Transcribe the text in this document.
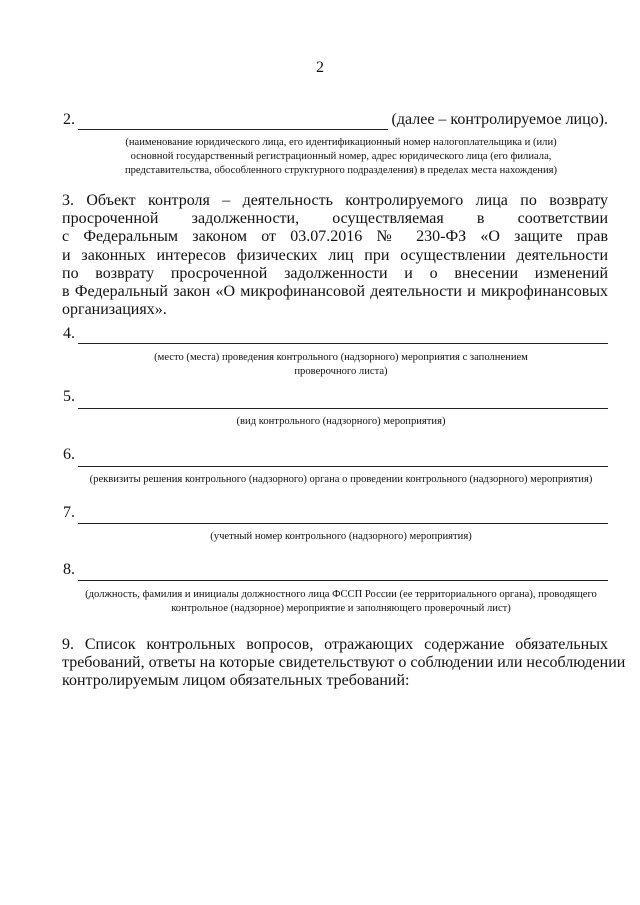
2
2.	(далее – контролируемое лицо).
(наименование юридического лица, его идентификационный номер налогоплательщика и (или)
основной государственный регистрационный номер, адрес юридического лица (его филиала,
представительства, обособленного структурного подразделения) в пределах места нахождения)
3. Объект контроля – деятельность контролируемого лица по возврату
просроченной задолженности, осуществляемая в соответствии
с Федеральным законом от 03.07.2016 № 230-ФЗ «О защите прав
и законных интересов физических лиц при осуществлении деятельности
по возврату просроченной задолженности и о внесении изменений
в Федеральный закон «О микрофинансовой деятельности и микрофинансовых
организациях».
4.
(место (места) проведения контрольного (надзорного) мероприятия с заполнением
проверочного листа)
5.
(вид контрольного (надзорного) мероприятия)
6.
(реквизиты решения контрольного (надзорного) органа о проведении контрольного (надзорного) мероприятия)
7.
(учетный номер контрольного (надзорного) мероприятия)
8.
(должность, фамилия и инициалы должностного лица ФССП России (ее территориального органа), проводящего
контрольное (надзорное) мероприятие и заполняющего проверочный лист)
9. Список контрольных вопросов, отражающих содержание обязательных
требований, ответы на которые свидетельствуют о соблюдении или несоблюдении
контролируемым лицом обязательных требований:
